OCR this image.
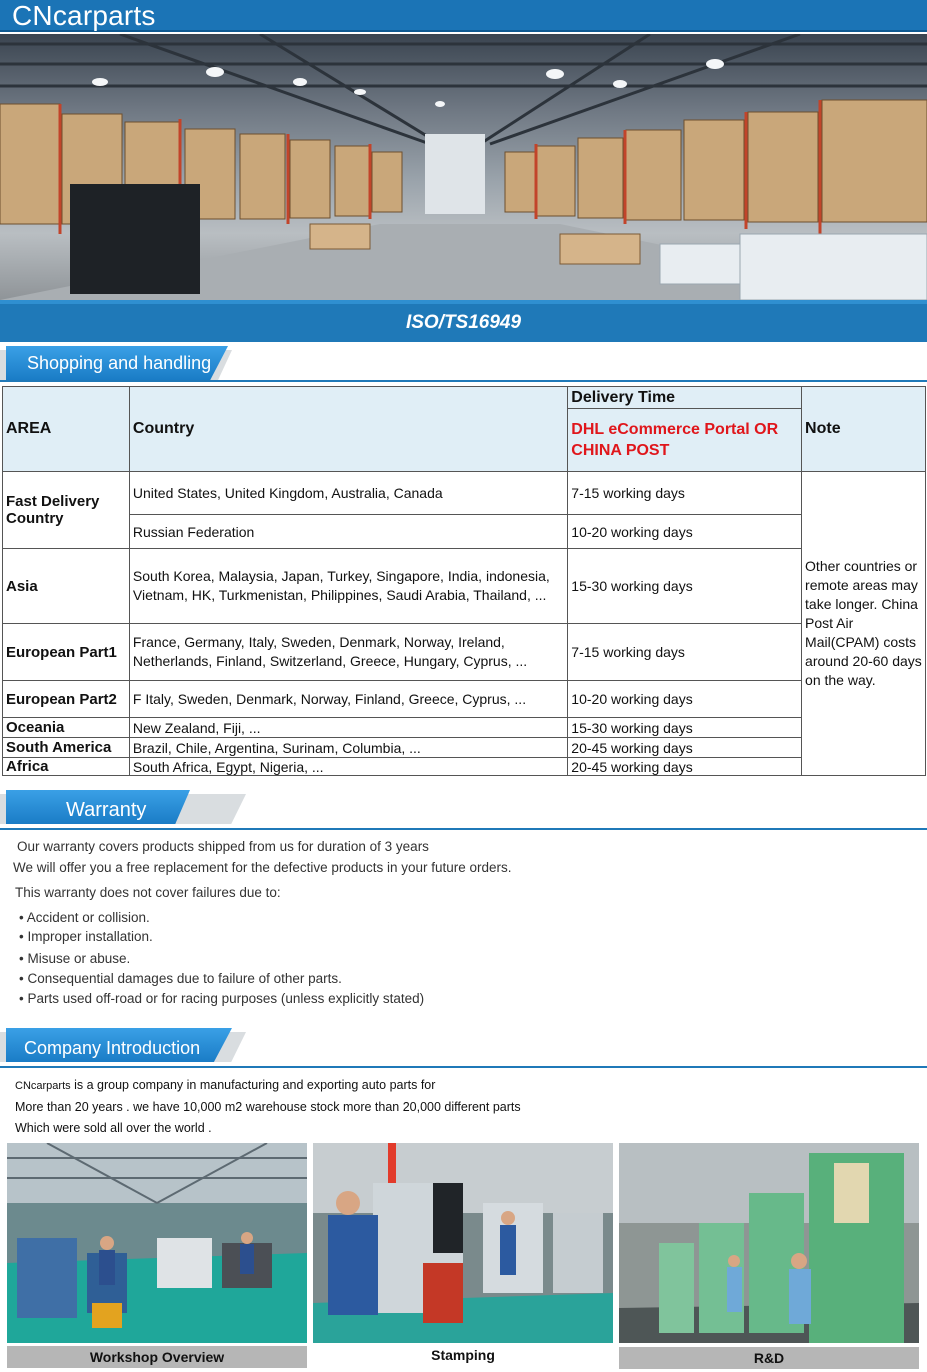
CNcarparts
ISO/TS16949
Shopping and handling
AREA	Country	Delivery Time	Note
		DHL eCommerce Portal OR CHINA POST	
Fast Delivery Country	United States, United Kingdom, Australia, Canada	7-15 working days	Other countries or remote areas may take longer. China Post Air Mail(CPAM) costs around 20-60 days on the way.
	Russian Federation	10-20 working days	
Asia	South Korea, Malaysia, Japan, Turkey, Singapore, India, indonesia, Vietnam, HK, Turkmenistan, Philippines, Saudi Arabia, Thailand, ...	15-30 working days	
European Part1	France, Germany, Italy, Sweden, Denmark, Norway, Ireland, Netherlands, Finland, Switzerland, Greece, Hungary, Cyprus, ...	7-15 working days	
European Part2	F Italy, Sweden, Denmark, Norway, Finland, Greece, Cyprus, ...	10-20 working days	
Oceania	New Zealand, Fiji, ...	15-30 working days	
South America	Brazil, Chile, Argentina, Surinam, Columbia, ...	20-45 working days	
Africa	South Africa, Egypt, Nigeria, ...	20-45 working days	
Warranty
Our warranty covers products shipped from us for duration of 3 years
We will offer you a free replacement for the defective products in your future orders.
This warranty does not cover failures due to:
• Accident or collision.
• Improper installation.
• Misuse or abuse.
• Consequential damages due to failure of other parts.
• Parts used off-road or for racing purposes (unless explicitly stated)
Company Introduction
CNcarparts is a group company in manufacturing and exporting auto parts for
More than 20 years . we have 10,000 m2 warehouse stock more than 20,000 different parts
Which were sold all over the world .
Workshop Overview	Stamping	R&D
